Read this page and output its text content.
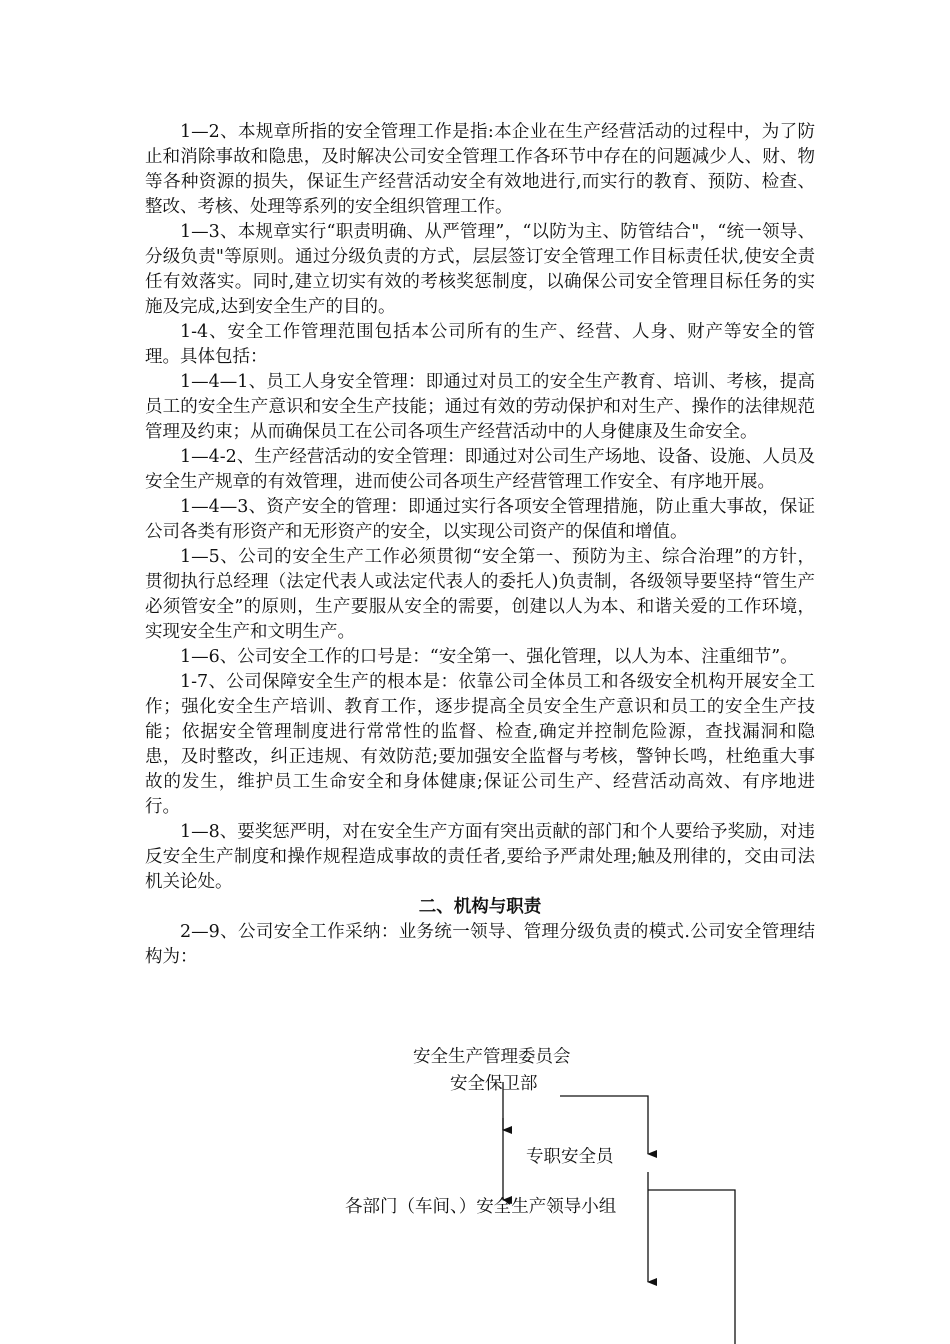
1—2、本规章所指的安全管理工作是指:本企业在生产经营活动的过程中，为了防止和消除事故和隐患，及时解决公司安全管理工作各环节中存在的问题减少人、财、物等各种资源的损失，保证生产经营活动安全有效地进行,而实行的教育、预防、检查、整改、考核、处理等系列的安全组织管理工作。

1—3、本规章实行“职责明确、从严管理”，“以防为主、防管结合"，“统一领导、分级负责"等原则。通过分级负责的方式，层层签订安全管理工作目标责任状,使安全责任有效落实。同时,建立切实有效的考核奖惩制度，以确保公司安全管理目标任务的实施及完成,达到安全生产的目的。

1-4、安全工作管理范围包括本公司所有的生产、经营、人身、财产等安全的管理。具体包括：

1—4—1、员工人身安全管理：即通过对员工的安全生产教育、培训、考核，提高员工的安全生产意识和安全生产技能；通过有效的劳动保护和对生产、操作的法律规范管理及约束；从而确保员工在公司各项生产经营活动中的人身健康及生命安全。

1—4-2、生产经营活动的安全管理：即通过对公司生产场地、设备、设施、人员及安全生产规章的有效管理，进而使公司各项生产经营管理工作安全、有序地开展。

1—4—3、资产安全的管理：即通过实行各项安全管理措施，防止重大事故，保证公司各类有形资产和无形资产的安全，以实现公司资产的保值和增值。

1—5、公司的安全生产工作必须贯彻“安全第一、预防为主、综合治理”的方针，贯彻执行总经理（法定代表人或法定代表人的委托人)负责制，各级领导要坚持“管生产必须管安全”的原则，生产要服从安全的需要，创建以人为本、和谐关爱的工作环境，实现安全生产和文明生产。

1—6、公司安全工作的口号是：“安全第一、强化管理，以人为本、注重细节”。

1-7、公司保障安全生产的根本是：依靠公司全体员工和各级安全机构开展安全工作；强化安全生产培训、教育工作，逐步提高全员安全生产意识和员工的安全生产技能；依据安全管理制度进行常常性的监督、检查,确定并控制危险源，查找漏洞和隐患，及时整改，纠正违规、有效防范;要加强安全监督与考核，警钟长鸣，杜绝重大事故的发生，维护员工生命安全和身体健康;保证公司生产、经营活动高效、有序地进行。

1—8、要奖惩严明，对在安全生产方面有突出贡献的部门和个人要给予奖励，对违反安全生产制度和操作规程造成事故的责任者,要给予严肃处理;触及刑律的，交由司法机关论处。

二、机构与职责

2—9、公司安全工作采纳：业务统一领导、管理分级负责的模式.公司安全管理结构为：

安全生产管理委员会
安全保卫部
专职安全员
各部门（车间、）安全生产领导小组
